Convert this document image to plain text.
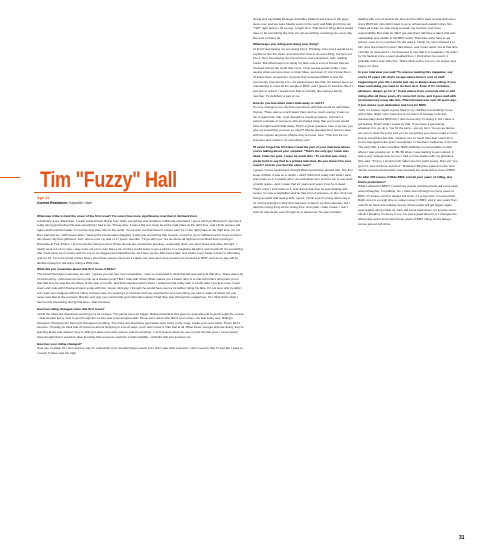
Tim "Fuzzy" Hall
Age: 41
Current Residence: Kaysville, Utah

What was it like to land the cover of the first issue? I'm sure it has more significance now than it did back then.

It definitely does. Back then, I really worked hard. Being from Utah, everything was Southern California-orientated. I got a call from Brad and I just had a really strong gut feeling this was something I had to do. Timing wise, it was a big vert-ramp air at the right place at the right time, and I think anyone will agree that's half the battle. I'm not the best bike rider in the world, I know that, but that doesn't mean I can't be in the right place at the right time. It's not like I planned on—200 issues later—having this conversation [laughs]. It was just something that I loved—I loved to go to California and I loved to ride in the shows. My then girlfriend, Terri, who is now my wife of 17 years, was like, "I'll go with you." So we drove all night and met Brad that morning in Riverside at Twin Palms. I just remember being so tired. Photo shoots are sometimes grueling—especially when you don't sleep and drive all night. I totally went out of my way—way more out of my way than a lot of riders would today to get a picture in a magazine [laughs], and it paid off. It's something that I hold close to my heart, and it's one of my biggest accomplishments. And here we are 200 issues later and what's even better is that I'm still riding and I'm 41. I'm more proud of that. Every time those issues come out it makes me more and more proud to be involved in BMX, and at my age still be flexible enough to still enjoy riding a BMX bike.

What did you remember about that first issue of Ride?

The Chad Herrington interview, for sure. I guess you can say I am competitive. I was so interested in what that kid was doing at that time. There was a lot of controversy—McCoad can do is jump up a chester jump? But I rode with Chad. What makes you a better rider is to ride with riders who push you in that that time he was like the flavor of the year or month, and that interview wasn't there. I analyzed that really well. A month after I got that cover I went down and rode with Chad and spent a day with him. Great, kind guy. I thought he would have went a lot farther riding his bike. I'm not sure why he didn't, but I was very intrigued with his riding. Contest wise, he would go to contests and you expected to see everything you saw in video of Chad, but you never saw that at the contests. But the only way you could really get information about Chad then was through the magazines. So I think that's what I found most interesting during that time—that interview.

How has riding changed since that first issue?

I think the tricks are absolutely terrifying in a lot of ways. The jumps are a lot bigger. Riding Dreamline this year my goal was just to get through the course—that sounds funny. Just to get through the course was a humongous task. There were riders who didn't even enter—it's that scary now. Riding's changed. Obviously the foam pits changed everything. The tricks are absolutely gymnastic style crazy, nutty, huge, break-your-neck tricks. That's all it's become. I'd really do think that it's become almost terrifying in a lot of ways, and I don't know if I like that at all. What these younger kids are doing, they're learning faster and quicker, they're willing to take more risks sooner, and it's amazing. I can't believe what I've seen in just the last year. I never would have thought that it would be alive knowing that someone could do a triple backflip—stuff like that just amazes me.

How has your riding changed?

How can I explain it? I don't want to say I'm retired like a pro football player would, but I don't take risks anymore. I don't need to. But if I feel like I want to, I would. If there was the right

timing and say [Matt] Beringer and Miley [Aitken] and some of the guys were over, and we were having a jam in the yard, and Matt just threw out "720!" right before I hit a jump, I might do it. That kind of thing. But it would have to be something like that. It's not something I would go do every day like a lot of riders do.

What keeps you riding and doing your thing?

At first it was having my son being into it. Thinking, how cool it would be to explain to him the tricks, and show him how to do everything, but he's not into it. He's into playing the French horn, and computers, and, reading books. But what keeps me riding my bike now is a lot of friends that are involved across the world that I love. I love seeing social media, I love seeing what everyone does on their bikes, and even if I don't know them I'll follow them sometimes. And just how networked BMX is and the community, how strong it is—it's always been like that. It's always been so entertaining to meet all the people in BMX, and I guess if I lost that, like if I just quit or retired, I would miss that so horribly, like losing a family member. It's definitely a part of me.

How do you feel when riders fade away or call it?

It's very strange to me. My first experience with that would be with Dave Clymer. There was so much talent there and so much energy. It was so fun to watch him ride, I just thought he would go places. Clymer's a perfect example of someone who just faded away that you never would have thought would fade away. That's a great question. Like, how can you give up something you love so much? Maybe [people] don't want to deal with the injuries anymore. Maybe they're bored. Like, "This isn't for me anymore and I want to try something new."

I'll never forget the first time I read the part of your interview where you're talking about your stepdad: "That's the only guy I wish was dead. I hate his guts. I hope he reads this." To me that was crazy, pretty bold to say that in a printed interview. Do you know if he ever read it? And do you feel the same now?

I guess I never would have thought Brad would have printed that. The first issue of Ride, it was so in depth. I didn't think he'd really print what I said, and it was so a T exactly who I am and what I am. And for me to use such a harsh quote—and I mean that for years and years, how he is dead. That's crazy I look back on it, and during that time he was dealing with issues, he was a stepfather and he had a lot of pressure on him. And now being an adult and seeing kids, I get it. I think a lot of young riders say a lot of wrong things in their first interview. It wasn't my first interview, but I said the wrong thing at the wrong time. And yeah, I take it back. I don't wish he was dead, even though he is dead now. He was probably

dealing with a lot of stuff at the time and he didn't want to deal with some crazy BMX kid, who didn't want to go to school and wouldn't obey him. That's all it was, he was trying to teach me a lesson and more responsibility. But what he didn't get was that I did have a talent that was marketable and usable in the BMX world. That was really hard to get across, even to my real dad. He did read it. I think my mom showed it to him. And she knew him and I had issues, and it was weird, but at that time I felt like he deserved it—he deserved to see that in a magazine. He didn't try his hardest to be a good stepdad then. I think when he read it, it probably didn't even faze him. That's what sucks. For me, it's forgive and forget, it's done.

In your interview you said "To anyone reading this magazine, say you're 15 years old, that's an age where there's a lot of stuff happening in your life, I would just say to always keep riding. If you have something you want to do then do it. Even if it's not bikes, whatever, always go for it." Great advice from someone who is still riding after all these years. It's come full circle, and it goes well with an anniversary issue like this. That interview was over 20 years ago, it just shows your dedication and love for BMX.

Yeah, it's insane. Again it goes back to my childhood and falling in love with a bike. Right now I have five to six hours of footage to do this documentary about BMX dirt. I don't know why I'm doing it, but I have a gut feeling. That's what I meant by that. If you have a gut feeling, whatever it is, go do it. You hit the jump—you go for it. You go as fast as you can to clear the jump and you do everything you can to make it. And I look at everything like that. I believe it in so much then that I went for it. And it was against the grain, completely. In Southern California, in the late 70s early 80s, it was incredible. BMX definitely not acceptable in Utah where I was growing up. In '85-'86 when I was starting to get noticed, it was a very strange time for me. I had a conversation with my grandma. She said, "Timmy, I would much rather see the world young, than old. You go for it. Get out there and do it." Robinson Bicycles signed me the next month, and low and behold I was traveling the world with a crew of BMX.

So after 200 issues of Ride BMX, and all your years of riding, any future predictions?

What's ahead for BMX? I would say people anodized parts will come back around [laughs]. I'm kidding. No, I have been through so many years of BMX, it's insane. And it's always full circle, it's a big circle, it comes back. Right now it's a rough time to make money in BMX, and in two years from now it'll be back and making money. Movie parks will get bigger again, seat heights will go back up, bars will come back down, it's just the same old sh-t [laughs]. It's funny to me. It's just a great about it is it changes the riding style and is document those years of BMX riding. And it always comes around full circle.

31
